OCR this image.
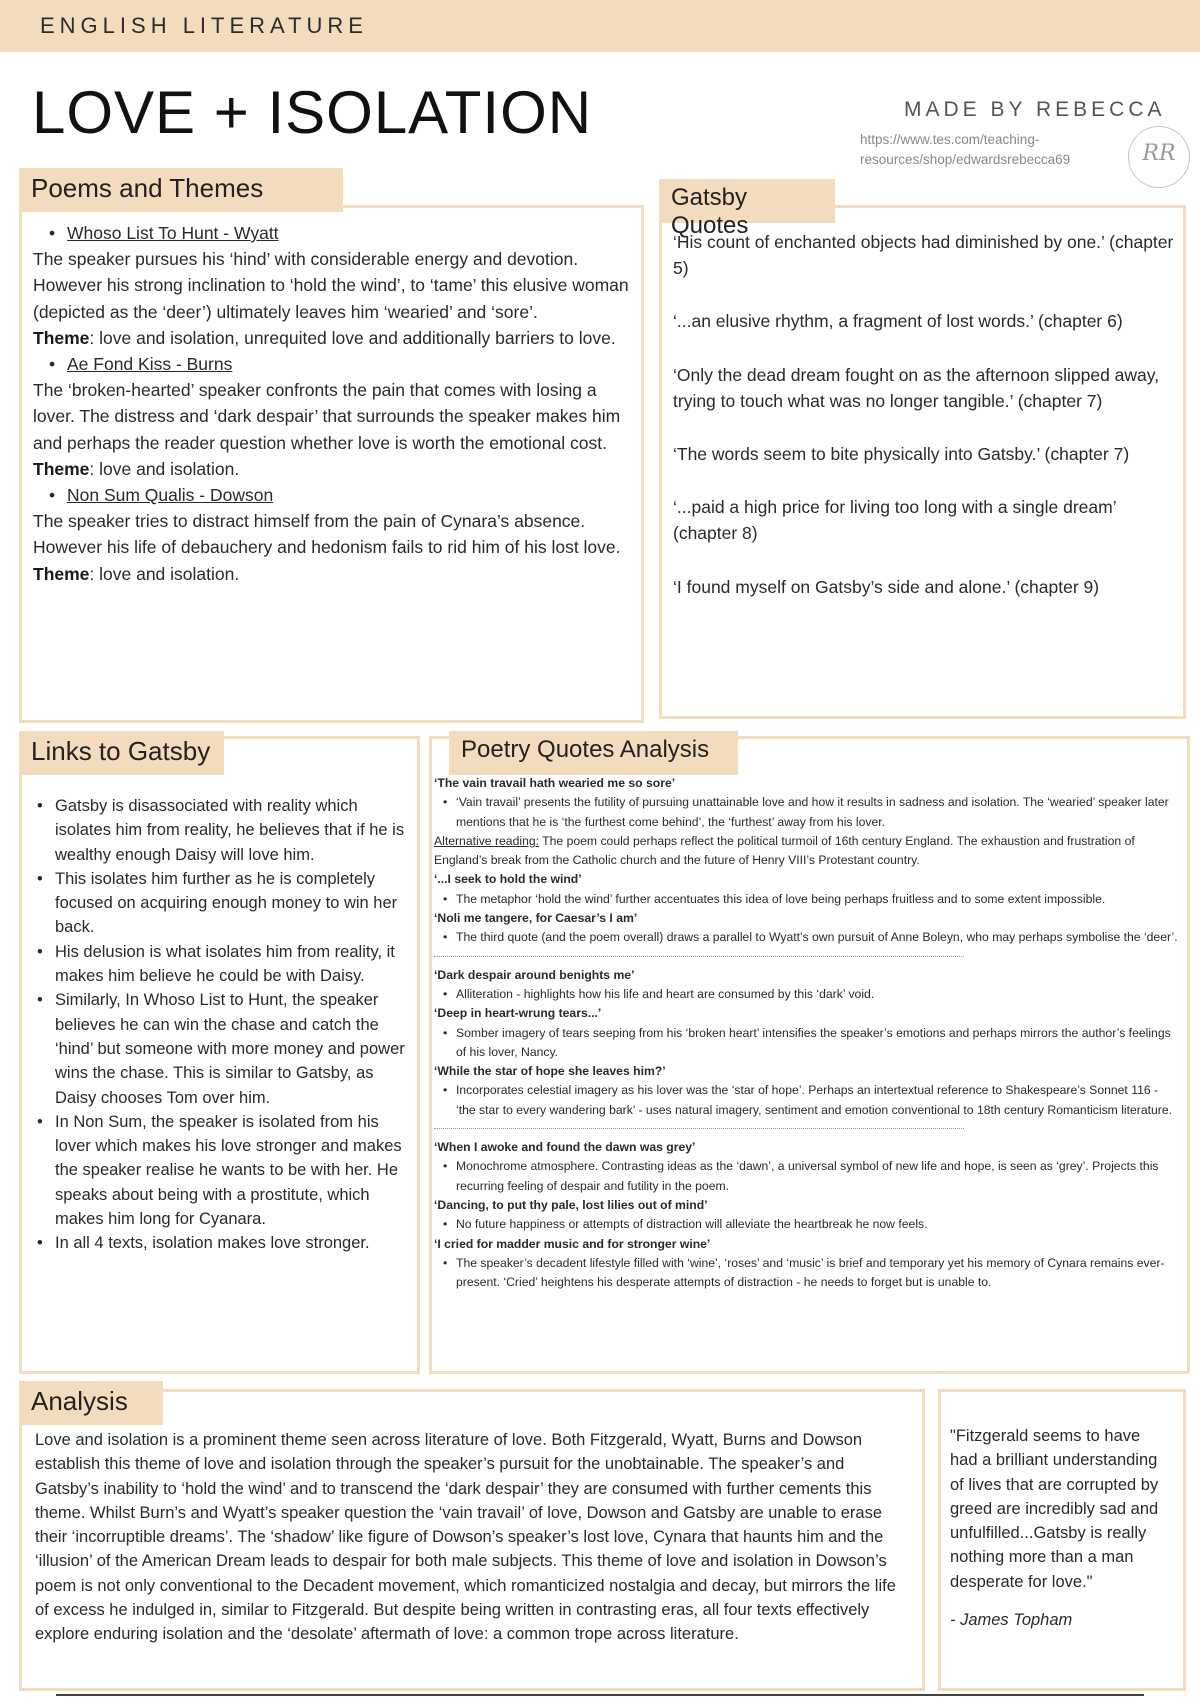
ENGLISH LITERATURE
LOVE + ISOLATION	MADE BY REBECCA
https://www.tes.com/teaching-resources/shop/edwardsrebecca69	RR
Poems and Themes

• Whoso List To Hunt - Wyatt

The speaker pursues his ‘hind’ with considerable energy and devotion. However his strong inclination to ‘hold the wind’, to ‘tame’ this elusive woman (depicted as the ‘deer’) ultimately leaves him ‘wearied’ and ‘sore’.

Theme: love and isolation, unrequited love and additionally barriers to love.

• Ae Fond Kiss - Burns

The ‘broken-hearted’ speaker confronts the pain that comes with losing a lover. The distress and ‘dark despair’ that surrounds the speaker makes him and perhaps the reader question whether love is worth the emotional cost.

Theme: love and isolation.

• Non Sum Qualis - Dowson

The speaker tries to distract himself from the pain of Cynara’s absence. However his life of debauchery and hedonism fails to rid him of his lost love.

Theme: love and isolation.

Gatsby Quotes

‘His count of enchanted objects had diminished by one.’ (chapter 5)

‘...an elusive rhythm, a fragment of lost words.’ (chapter 6)

‘Only the dead dream fought on as the afternoon slipped away, trying to touch what was no longer tangible.’ (chapter 7)

‘The words seem to bite physically into Gatsby.’ (chapter 7)

‘...paid a high price for living too long with a single dream’ (chapter 8)

‘I found myself on Gatsby’s side and alone.’ (chapter 9)

Links to Gatsby
• Gatsby is disassociated with reality which isolates him from reality, he believes that if he is wealthy enough Daisy will love him.
• This isolates him further as he is completely focused on acquiring enough money to win her back.
• His delusion is what isolates him from reality, it makes him believe he could be with Daisy.
• Similarly, In Whoso List to Hunt, the speaker believes he can win the chase and catch the ‘hind’ but someone with more money and power wins the chase. This is similar to Gatsby, as Daisy chooses Tom over him.
• In Non Sum, the speaker is isolated from his lover which makes his love stronger and makes the speaker realise he wants to be with her. He speaks about being with a prostitute, which makes him long for Cyanara.
• In all 4 texts, isolation makes love stronger.
Poetry Quotes Analysis
‘The vain travail hath wearied me so sore’
• ‘Vain travail’ presents the futility of pursuing unattainable love and how it results in sadness and isolation. The ‘wearied’ speaker later mentions that he is ‘the furthest come behind’, the ‘furthest’ away from his lover.
Alternative reading: The poem could perhaps reflect the political turmoil of 16th century England. The exhaustion and frustration of England’s break from the Catholic church and the future of Henry VIII’s Protestant country.
‘...I seek to hold the wind’
• The metaphor ‘hold the wind’ further accentuates this idea of love being perhaps fruitless and to some extent impossible.
‘Noli me tangere, for Caesar’s I am’
• The third quote (and the poem overall) draws a parallel to Wyatt’s own pursuit of Anne Boleyn, who may perhaps symbolise the ‘deer’.
‘Dark despair around benights me’
• Alliteration - highlights how his life and heart are consumed by this ‘dark’ void.
‘Deep in heart-wrung tears...’
• Somber imagery of tears seeping from his ‘broken heart’ intensifies the speaker’s emotions and perhaps mirrors the author’s feelings of his lover, Nancy.
‘While the star of hope she leaves him?’
• Incorporates celestial imagery as his lover was the ‘star of hope’. Perhaps an intertextual reference to Shakespeare’s Sonnet 116 - ‘the star to every wandering bark’ - uses natural imagery, sentiment and emotion conventional to 18th century Romanticism literature.
‘When I awoke and found the dawn was grey’
• Monochrome atmosphere. Contrasting ideas as the ‘dawn’, a universal symbol of new life and hope, is seen as ‘grey’. Projects this recurring feeling of despair and futility in the poem.
‘Dancing, to put thy pale, lost lilies out of mind’
• No future happiness or attempts of distraction will alleviate the heartbreak he now feels.
‘I cried for madder music and for stronger wine’
• The speaker’s decadent lifestyle filled with ‘wine’, ‘roses’ and ‘music’ is brief and temporary yet his memory of Cynara remains ever-present. ‘Cried’ heightens his desperate attempts of distraction - he needs to forget but is unable to.
Analysis
Love and isolation is a prominent theme seen across literature of love. Both Fitzgerald, Wyatt, Burns and Dowson establish this theme of love and isolation through the speaker’s pursuit for the unobtainable. The speaker’s and Gatsby’s inability to ‘hold the wind’ and to transcend the ‘dark despair’ they are consumed with further cements this theme. Whilst Burn’s and Wyatt’s speaker question the ‘vain travail’ of love, Dowson and Gatsby are unable to erase their ‘incorruptible dreams’. The ‘shadow’ like figure of Dowson’s speaker’s lost love, Cynara that haunts him and the ‘illusion’ of the American Dream leads to despair for both male subjects. This theme of love and isolation in Dowson’s poem is not only conventional to the Decadent movement, which romanticized nostalgia and decay, but mirrors the life of excess he indulged in, similar to Fitzgerald. But despite being written in contrasting eras, all four texts effectively explore enduring isolation and the ‘desolate’ aftermath of love: a common trope across literature.
"Fitzgerald seems to have had a brilliant understanding of lives that are corrupted by greed are incredibly sad and unfulfilled...Gatsby is really nothing more than a man desperate for love."
- James Topham
